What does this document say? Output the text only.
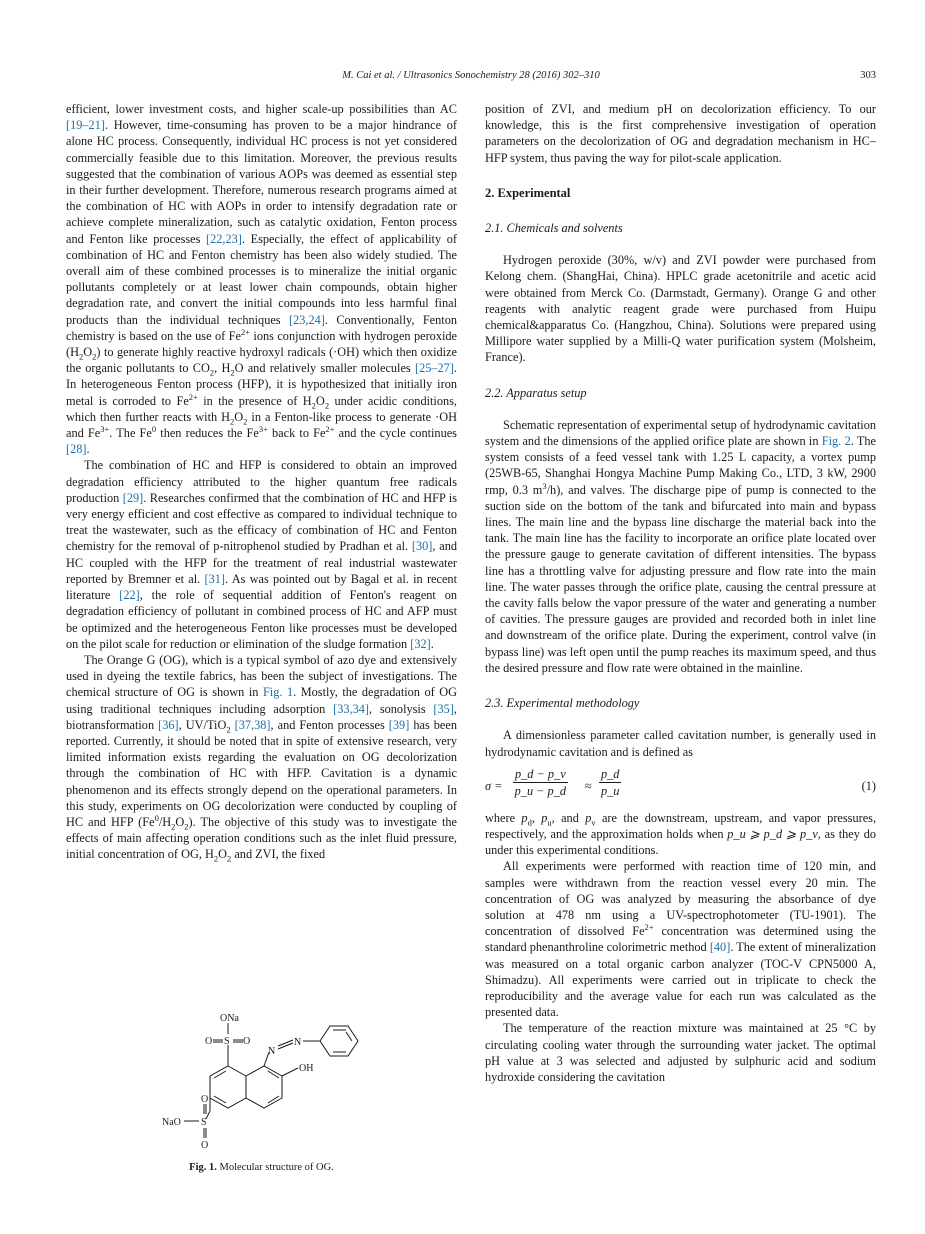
M. Cai et al. / Ultrasonics Sonochemistry 28 (2016) 302–310	303

efficient, lower investment costs, and higher scale-up possibilities than AC [19–21]. However, time-consuming has proven to be a major hindrance of alone HC process. Consequently, individual HC process is not yet considered commercially feasible due to this limitation. Moreover, the previous results suggested that the combination of various AOPs was deemed as essential step in their further development. Therefore, numerous research programs aimed at the combination of HC with AOPs in order to intensify degradation rate or achieve complete mineralization, such as catalytic oxidation, Fenton process and Fenton like processes [22,23]. Especially, the effect of applicability of combination of HC and Fenton chemistry has been also widely studied. The overall aim of these combined processes is to mineralize the initial organic pollutants completely or at least lower chain compounds, obtain higher degradation rate, and convert the initial compounds into less harmful final products than the individual techniques [23,24]. Conventionally, Fenton chemistry is based on the use of $Fe^{2+}$ ions conjunction with hydrogen peroxide $(H_2O_2)$ to generate highly reactive hydroxyl radicals (·OH) which then oxidize the organic pollutants to $CO_2$, $H_2O$ and relatively smaller molecules [25–27]. In heterogeneous Fenton process (HFP), it is hypothesized that initially iron metal is corroded to $Fe^{2+}$ in the presence of $H_2O_2$ under acidic conditions, which then further reacts with $H_2O_2$ in a Fenton-like process to generate ·OH and $Fe^{3+}$. The Fe$^0$ then reduces the $Fe^{3+}$ back to $Fe^{2+}$ and the cycle continues [28].

The combination of HC and HFP is considered to obtain an improved degradation efficiency attributed to the higher quantum free radicals production [29]. Researches confirmed that the combination of HC and HFP is very energy efficient and cost effective as compared to individual technique to treat the wastewater, such as the efficacy of combination of HC and Fenton chemistry for the removal of p-nitrophenol studied by Pradhan et al. [30], and HC coupled with the HFP for the treatment of real industrial wastewater reported by Bremner et al. [31]. As was pointed out by Bagal et al. in recent literature [22], the role of sequential addition of Fenton's reagent on degradation efficiency of pollutant in combined process of HC and AFP must be optimized and the heterogeneous Fenton like processes must be developed on the pilot scale for reduction or elimination of the sludge formation [32].

The Orange G (OG), which is a typical symbol of azo dye and extensively used in dyeing the textile fabrics, has been the subject of investigations. The chemical structure of OG is shown in Fig. 1. Mostly, the degradation of OG using traditional techniques including adsorption [33,34], sonolysis [35], biotransformation [36], UV/TiO$_2$ [37,38], and Fenton processes [39] has been reported. Currently, it should be noted that in spite of extensive research, very limited information exists regarding the evaluation on OG decolorization through the combination of HC with HFP. Cavitation is a dynamic phenomenon and its effects strongly depend on the operational parameters. In this study, experiments on OG decolorization were conducted by coupling of HC and HFP $(Fe^0/H_2O_2)$. The objective of this study was to investigate the effects of main affecting operation conditions such as the inlet fluid pressure, initial concentration of OG, $H_2O_2$ and ZVI, the fixed

ONa
O S O
N
N
OH
O
NaO S
O
Fig. 1. Molecular structure of OG.

position of ZVI, and medium pH on decolorization efficiency. To our knowledge, this is the first comprehensive investigation of operation parameters on the decolorization of OG and degradation mechanism in HC–HFP system, thus paving the way for pilot-scale application.

2. Experimental
2.1. Chemicals and solvents

Hydrogen peroxide (30%, w/v) and ZVI powder were purchased from Kelong chem. (ShangHai, China). HPLC grade acetonitrile and acetic acid were obtained from Merck Co. (Darmstadt, Germany). Orange G and other reagents with analytic reagent grade were purchased from Huipu chemical&apparatus Co. (Hangzhou, China). Solutions were prepared using Millipore water supplied by a Milli-Q water purification system (Molsheim, France).

2.2. Apparatus setup

Schematic representation of experimental setup of hydrodynamic cavitation system and the dimensions of the applied orifice plate are shown in Fig. 2. The system consists of a feed vessel tank with 1.25 L capacity, a vortex pump (25WB-65, Shanghai Hongya Machine Pump Making Co., LTD, 3 kW, 2900 rmp, 0.3 $m^3/h$), and valves. The discharge pipe of pump is connected to the suction side on the bottom of the tank and bifurcated into main and bypass lines. The main line and the bypass line discharge the material back into the tank. The main line has the facility to incorporate an orifice plate located over the pressure gauge to generate cavitation of different intensities. The bypass line has a throttling valve for adjusting pressure and flow rate into the main line. The water passes through the orifice plate, causing the central pressure at the cavity falls below the vapor pressure of the water and generating a number of cavities. The pressure gauges are provided and recorded both in inlet line and downstream of the orifice plate. During the experiment, control valve (in bypass line) was left open until the pump reaches its maximum speed, and thus the desired pressure and flow rate were obtained in the mainline.

2.3. Experimental methodology

A dimensionless parameter called cavitation number, is generally used in hydrodynamic cavitation and is defined as

$\sigma = \frac{p\_d - p\_v}{p\_u - p\_d} \approx \frac{p\_d}{p\_u}$	(1)

where $p_d$, $p_u$, and $p_v$ are the downstream, upstream, and vapor pressures, respectively, and the approximation holds when p_u ⩾ p_d ⩾ p_v, as they do under this experimental conditions.

All experiments were performed with reaction time of 120 min, and samples were withdrawn from the reaction vessel every 20 min. The concentration of OG was analyzed by measuring the absorbance of dye solution at 478 nm using a UV-spectrophotometer (TU-1901). The concentration of dissolved $Fe^{2+}$ concentration was determined using the standard phenanthroline colorimetric method [40]. The extent of mineralization was measured on a total organic carbon analyzer (TOC-V CPN5000 A, Shimadzu). All experiments were carried out in triplicate to check the reproducibility and the average value for each run was calculated as the presented data.

The temperature of the reaction mixture was maintained at 25 °C by circulating cooling water through the surrounding water jacket. The optimal pH value at 3 was selected and adjusted by sulphuric acid and sodium hydroxide considering the cavitation
